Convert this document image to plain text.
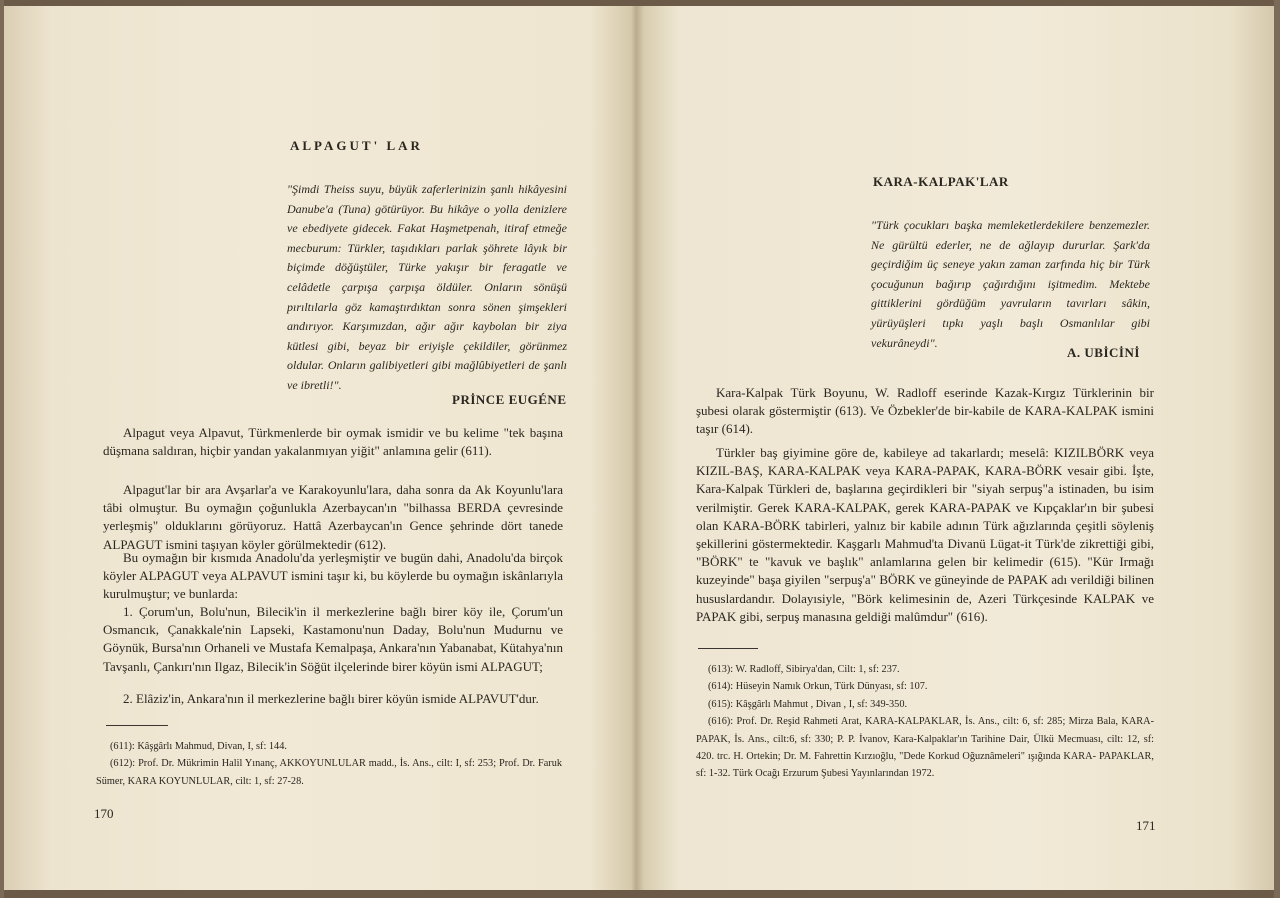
ALPAGUT' LAR
"Şimdi Theiss suyu, büyük zaferlerinizin şanlı hikâyesini Danube'a (Tuna) götürüyor. Bu hikâye o yolla denizlere ve ebediyete gidecek. Fakat Haşmetpenah, itiraf etmeğe mecburum: Türkler, taşıdıkları parlak şöhrete lâyık bir biçimde döğüştüler, Türke yakışır bir feragatle ve celâdetle çarpışa çarpışa öldüler. Onların sönüşü pırıltılarla göz kamaştırdıktan sonra sönen şimşekleri andırıyor. Karşımızdan, ağır ağır kaybolan bir ziya kütlesi gibi, beyaz bir eriyişle çekildiler, görünmez oldular. Onların galibiyetleri gibi mağlûbiyetleri de şanlı ve ibretli!".
PRİNCE EUGÉNE

Alpagut veya Alpavut, Türkmenlerde bir oymak ismidir ve bu kelime "tek başına düşmana saldıran, hiçbir yandan yakalanmıyan yiğit" anlamına gelir (611).

Alpagut'lar bir ara Avşarlar'a ve Karakoyunlu'lara, daha sonra da Ak Koyunlu'lara tâbi olmuştur. Bu oymağın çoğunlukla Azerbaycan'ın "bilhassa BERDA çevresinde yerleşmiş" olduklarını görüyoruz. Hattâ Azerbaycan'ın Gence şehrinde dört tanede ALPAGUT ismini taşıyan köyler görülmektedir (612).

Bu oymağın bir kısmıda Anadolu'da yerleşmiştir ve bugün dahi, Anadolu'da birçok köyler ALPAGUT veya ALPAVUT ismini taşır ki, bu köylerde bu oymağın iskânlarıyla kurulmuştur; ve bunlarda:

1. Çorum'un, Bolu'nun, Bilecik'in il merkezlerine bağlı birer köy ile, Çorum'un Osmancık, Çanakkale'nin Lapseki, Kastamonu'nun Daday, Bolu'nun Mudurnu ve Göynük, Bursa'nın Orhaneli ve Mustafa Kemalpaşa, Ankara'nın Yabanabat, Kütahya'nın Tavşanlı, Çankırı'nın Ilgaz, Bilecik'in Söğüt ilçelerinde birer köyün ismi ALPAGUT;

2. Elâziz'in, Ankara'nın il merkezlerine bağlı birer köyün ismide ALPAVUT'dur.

(611): Kâşgârlı Mahmud, Divan, I, sf: 144.
(612): Prof. Dr. Mükrimin Halil Yınanç, AKKOYUNLULAR madd., İs. Ans., cilt: I, sf: 253; Prof. Dr. Faruk Sümer, KARA KOYUNLULAR, cilt: 1, sf: 27-28.
170
KARA-KALPAK'LAR
"Türk çocukları başka memleketlerdekilere benzemezler. Ne gürültü ederler, ne de ağlayıp dururlar. Şark'da geçirdiğim üç seneye yakın zaman zarfında hiç bir Türk çocuğunun bağırıp çağırdığını işitmedim. Mektebe gittiklerini gördüğüm yavruların tavırları sâkin, yürüyüşleri tıpkı yaşlı başlı Osmanlılar gibi vekurâneydi".
A. UBİCİNİ

Kara-Kalpak Türk Boyunu, W. Radloff eserinde Kazak-Kırgız Türklerinin bir şubesi olarak göstermiştir (613). Ve Özbekler'de bir-kabile de KARA-KALPAK ismini taşır (614).

Türkler baş giyimine göre de, kabileye ad takarlardı; meselâ: KIZILBÖRK veya KIZIL-BAŞ, KARA-KALPAK veya KARA-PAPAK, KARA-BÖRK vesair gibi. İşte, Kara-Kalpak Türkleri de, başlarına geçirdikleri bir "siyah serpuş"a istinaden, bu isim verilmiştir. Gerek KARA-KALPAK, gerek KARA-PAPAK ve Kıpçaklar'ın bir şubesi olan KARA-BÖRK tabirleri, yalnız bir kabile adının Türk ağızlarında çeşitli söyleniş şekillerini göstermektedir. Kaşgarlı Mahmud'ta Divanü Lügat-it Türk'de zikrettiği gibi, "BÖRK" te "kavuk ve başlık" anlamlarına gelen bir kelimedir (615). "Kür Irmağı kuzeyinde" başa giyilen "serpuş'a" BÖRK ve güneyinde de PAPAK adı verildiği bilinen hususlardandır. Dolayısiyle, "Börk kelimesinin de, Azeri Türkçesinde KALPAK ve PAPAK gibi, serpuş manasına geldiği malûmdur" (616).

(613): W. Radloff, Sibirya'dan, Cilt: 1, sf: 237.
(614): Hüseyin Namık Orkun, Türk Dünyası, sf: 107.
(615): Kâşgârlı Mahmut , Divan , I, sf: 349-350.
(616): Prof. Dr. Reşid Rahmeti Arat, KARA-KALPAKLAR, İs. Ans., cilt: 6, sf: 285; Mirza Bala, KARA-PAPAK, İs. Ans., cilt:6, sf: 330; P. P. İvanov, Kara-Kalpaklar'ın Tarihine Dair, Ülkü Mecmuası, cilt: 12, sf: 420. trc. H. Ortekin; Dr. M. Fahrettin Kırzıoğlu, "Dede Korkud Oğuznâmeleri" ışığında KARA- PAPAKLAR, sf: 1-32. Türk Ocağı Erzurum Şubesi Yayınlarından 1972.
171
